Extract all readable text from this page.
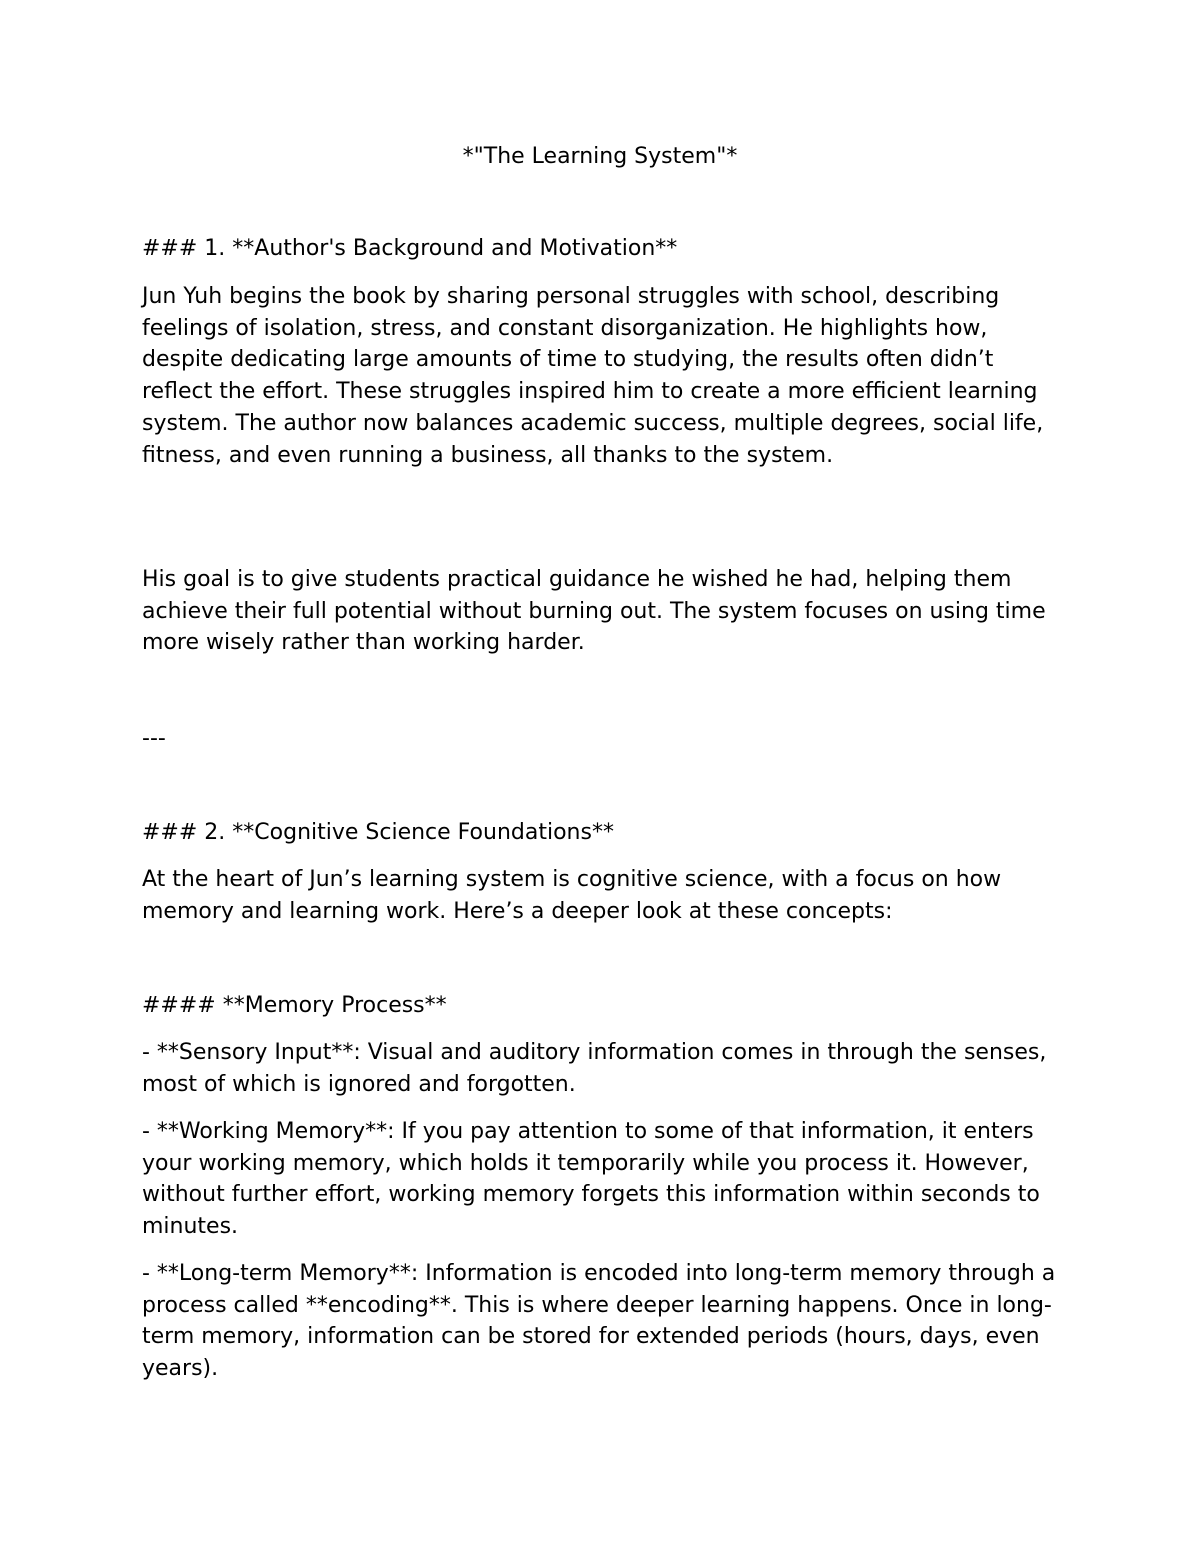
*"The Learning System"*

### 1. **Author's Background and Motivation**

Jun Yuh begins the book by sharing personal struggles with school, describing feelings of isolation, stress, and constant disorganization. He highlights how, despite dedicating large amounts of time to studying, the results often didn’t reflect the effort. These struggles inspired him to create a more efficient learning system. The author now balances academic success, multiple degrees, social life, fitness, and even running a business, all thanks to the system.

His goal is to give students practical guidance he wished he had, helping them achieve their full potential without burning out. The system focuses on using time more wisely rather than working harder.

---

### 2. **Cognitive Science Foundations**

At the heart of Jun’s learning system is cognitive science, with a focus on how memory and learning work. Here’s a deeper look at these concepts:

#### **Memory Process**

- **Sensory Input**: Visual and auditory information comes in through the senses, most of which is ignored and forgotten.

- **Working Memory**: If you pay attention to some of that information, it enters your working memory, which holds it temporarily while you process it. However, without further effort, working memory forgets this information within seconds to minutes.

- **Long-term Memory**: Information is encoded into long-term memory through a process called **encoding**. This is where deeper learning happens. Once in long-term memory, information can be stored for extended periods (hours, days, even years).
